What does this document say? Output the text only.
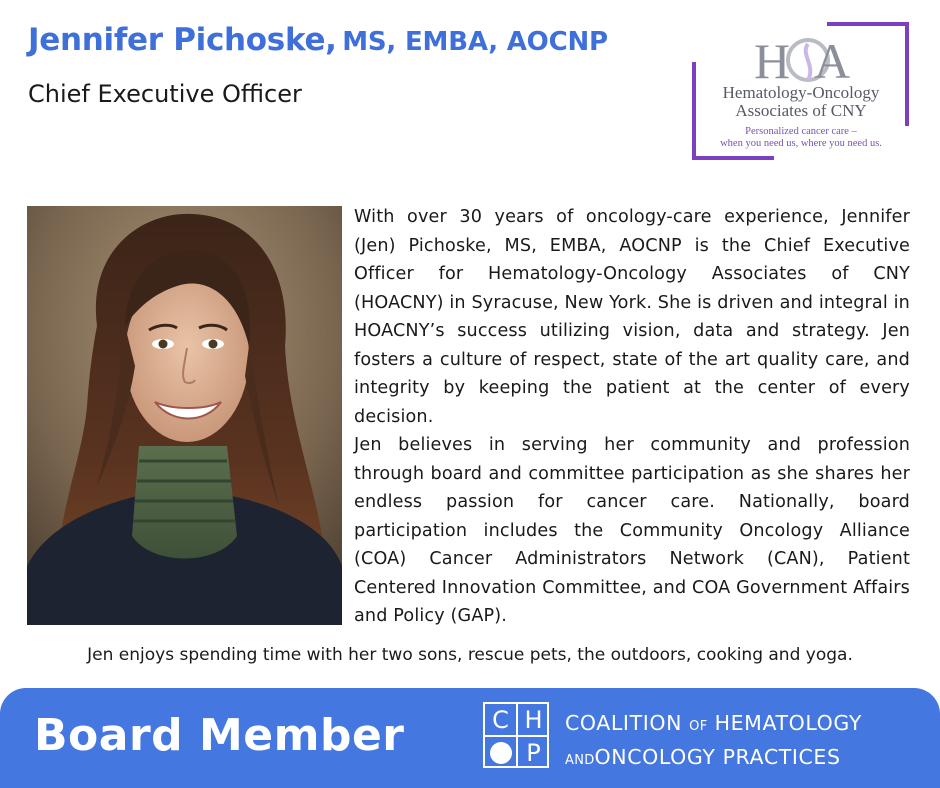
Jennifer Pichoske, MS, EMBA, AOCNP
Chief Executive Officer
H A
Hematology-Oncology
Associates of CNY
Personalized cancer care –
when you need us, where you need us.

With over 30 years of oncology-care experience, Jennifer (Jen) Pichoske, MS, EMBA, AOCNP is the Chief Executive Officer for Hematology-Oncology Associates of CNY (HOACNY) in Syracuse, New York. She is driven and integral in HOACNY’s success utilizing vision, data and strategy. Jen fosters a culture of respect, state of the art quality care, and integrity by keeping the patient at the center of every decision.

Jen believes in serving her community and profession through board and committee participation as she shares her endless passion for cancer care. Nationally, board participation includes the Community Oncology Alliance (COA) Cancer Administrators Network (CAN), Patient Centered Innovation Committee, and COA Government Affairs and Policy (GAP).

Jen enjoys spending time with her two sons, rescue pets, the outdoors, cooking and yoga.
Board Member	C H
P
COALITION OF HEMATOLOGY
ANDONCOLOGY PRACTICES
